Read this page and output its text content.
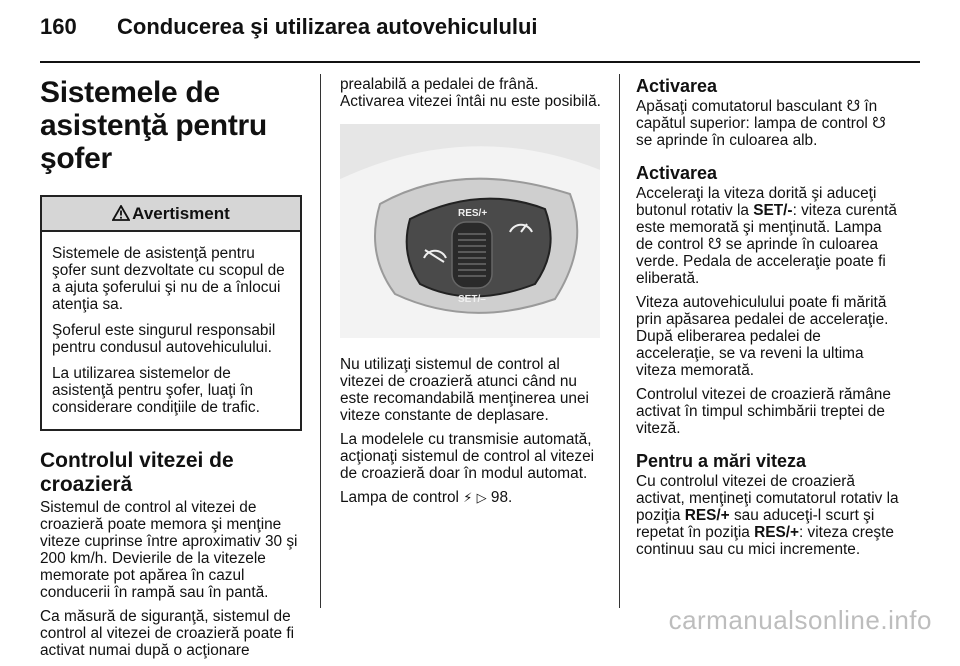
160 Conducerea şi utilizarea autovehiculului
Sistemele de asistenţă pentru şofer
Avertisment

Sistemele de asistenţă pentru şofer sunt dezvoltate cu scopul de a ajuta şoferului şi nu de a înlocui atenţia sa.

Şoferul este singurul responsabil pentru condusul autovehiculului.

La utilizarea sistemelor de asistenţă pentru şofer, luaţi în considerare condiţiile de trafic.

Controlul vitezei de croazieră

Sistemul de control al vitezei de croazieră poate memora şi menţine viteze cuprinse între aproximativ 30 şi 200 km/h. Devierile de la vitezele memorate pot apărea în cazul conducerii în rampă sau în pantă.

Ca măsură de siguranţă, sistemul de control al vitezei de croazieră poate fi activat numai după o acţionare

prealabilă a pedalei de frână. Activarea vitezei întâi nu este posibilă.

RES/+
SET/–

Nu utilizaţi sistemul de control al vitezei de croazieră atunci când nu este recomandabilă menţinerea unei viteze constante de deplasare.

La modelele cu transmisie automată, acţionaţi sistemul de control al vitezei de croazieră doar în modul automat.

Lampa de control ⚡ ▷ 98.

Activarea

Apăsaţi comutatorul basculant ☋ în capătul superior: lampa de control ☋ se aprinde în culoarea alb.

Activarea

Acceleraţi la viteza dorită şi aduceţi butonul rotativ la SET/-: viteza curentă este memorată şi menţinută. Lampa de control ☋ se aprinde în culoarea verde. Pedala de acceleraţie poate fi eliberată.

Viteza autovehiculului poate fi mărită prin apăsarea pedalei de acceleraţie. După eliberarea pedalei de acceleraţie, se va reveni la ultima viteza memorată.

Controlul vitezei de croazieră rămâne activat în timpul schimbării treptei de viteză.

Pentru a mări viteza

Cu controlul vitezei de croazieră activat, menţineţi comutatorul rotativ la poziţia RES/+ sau aduceţi-l scurt şi repetat în poziţia RES/+: viteza creşte continuu sau cu mici incremente.

carmanualsonline.info
